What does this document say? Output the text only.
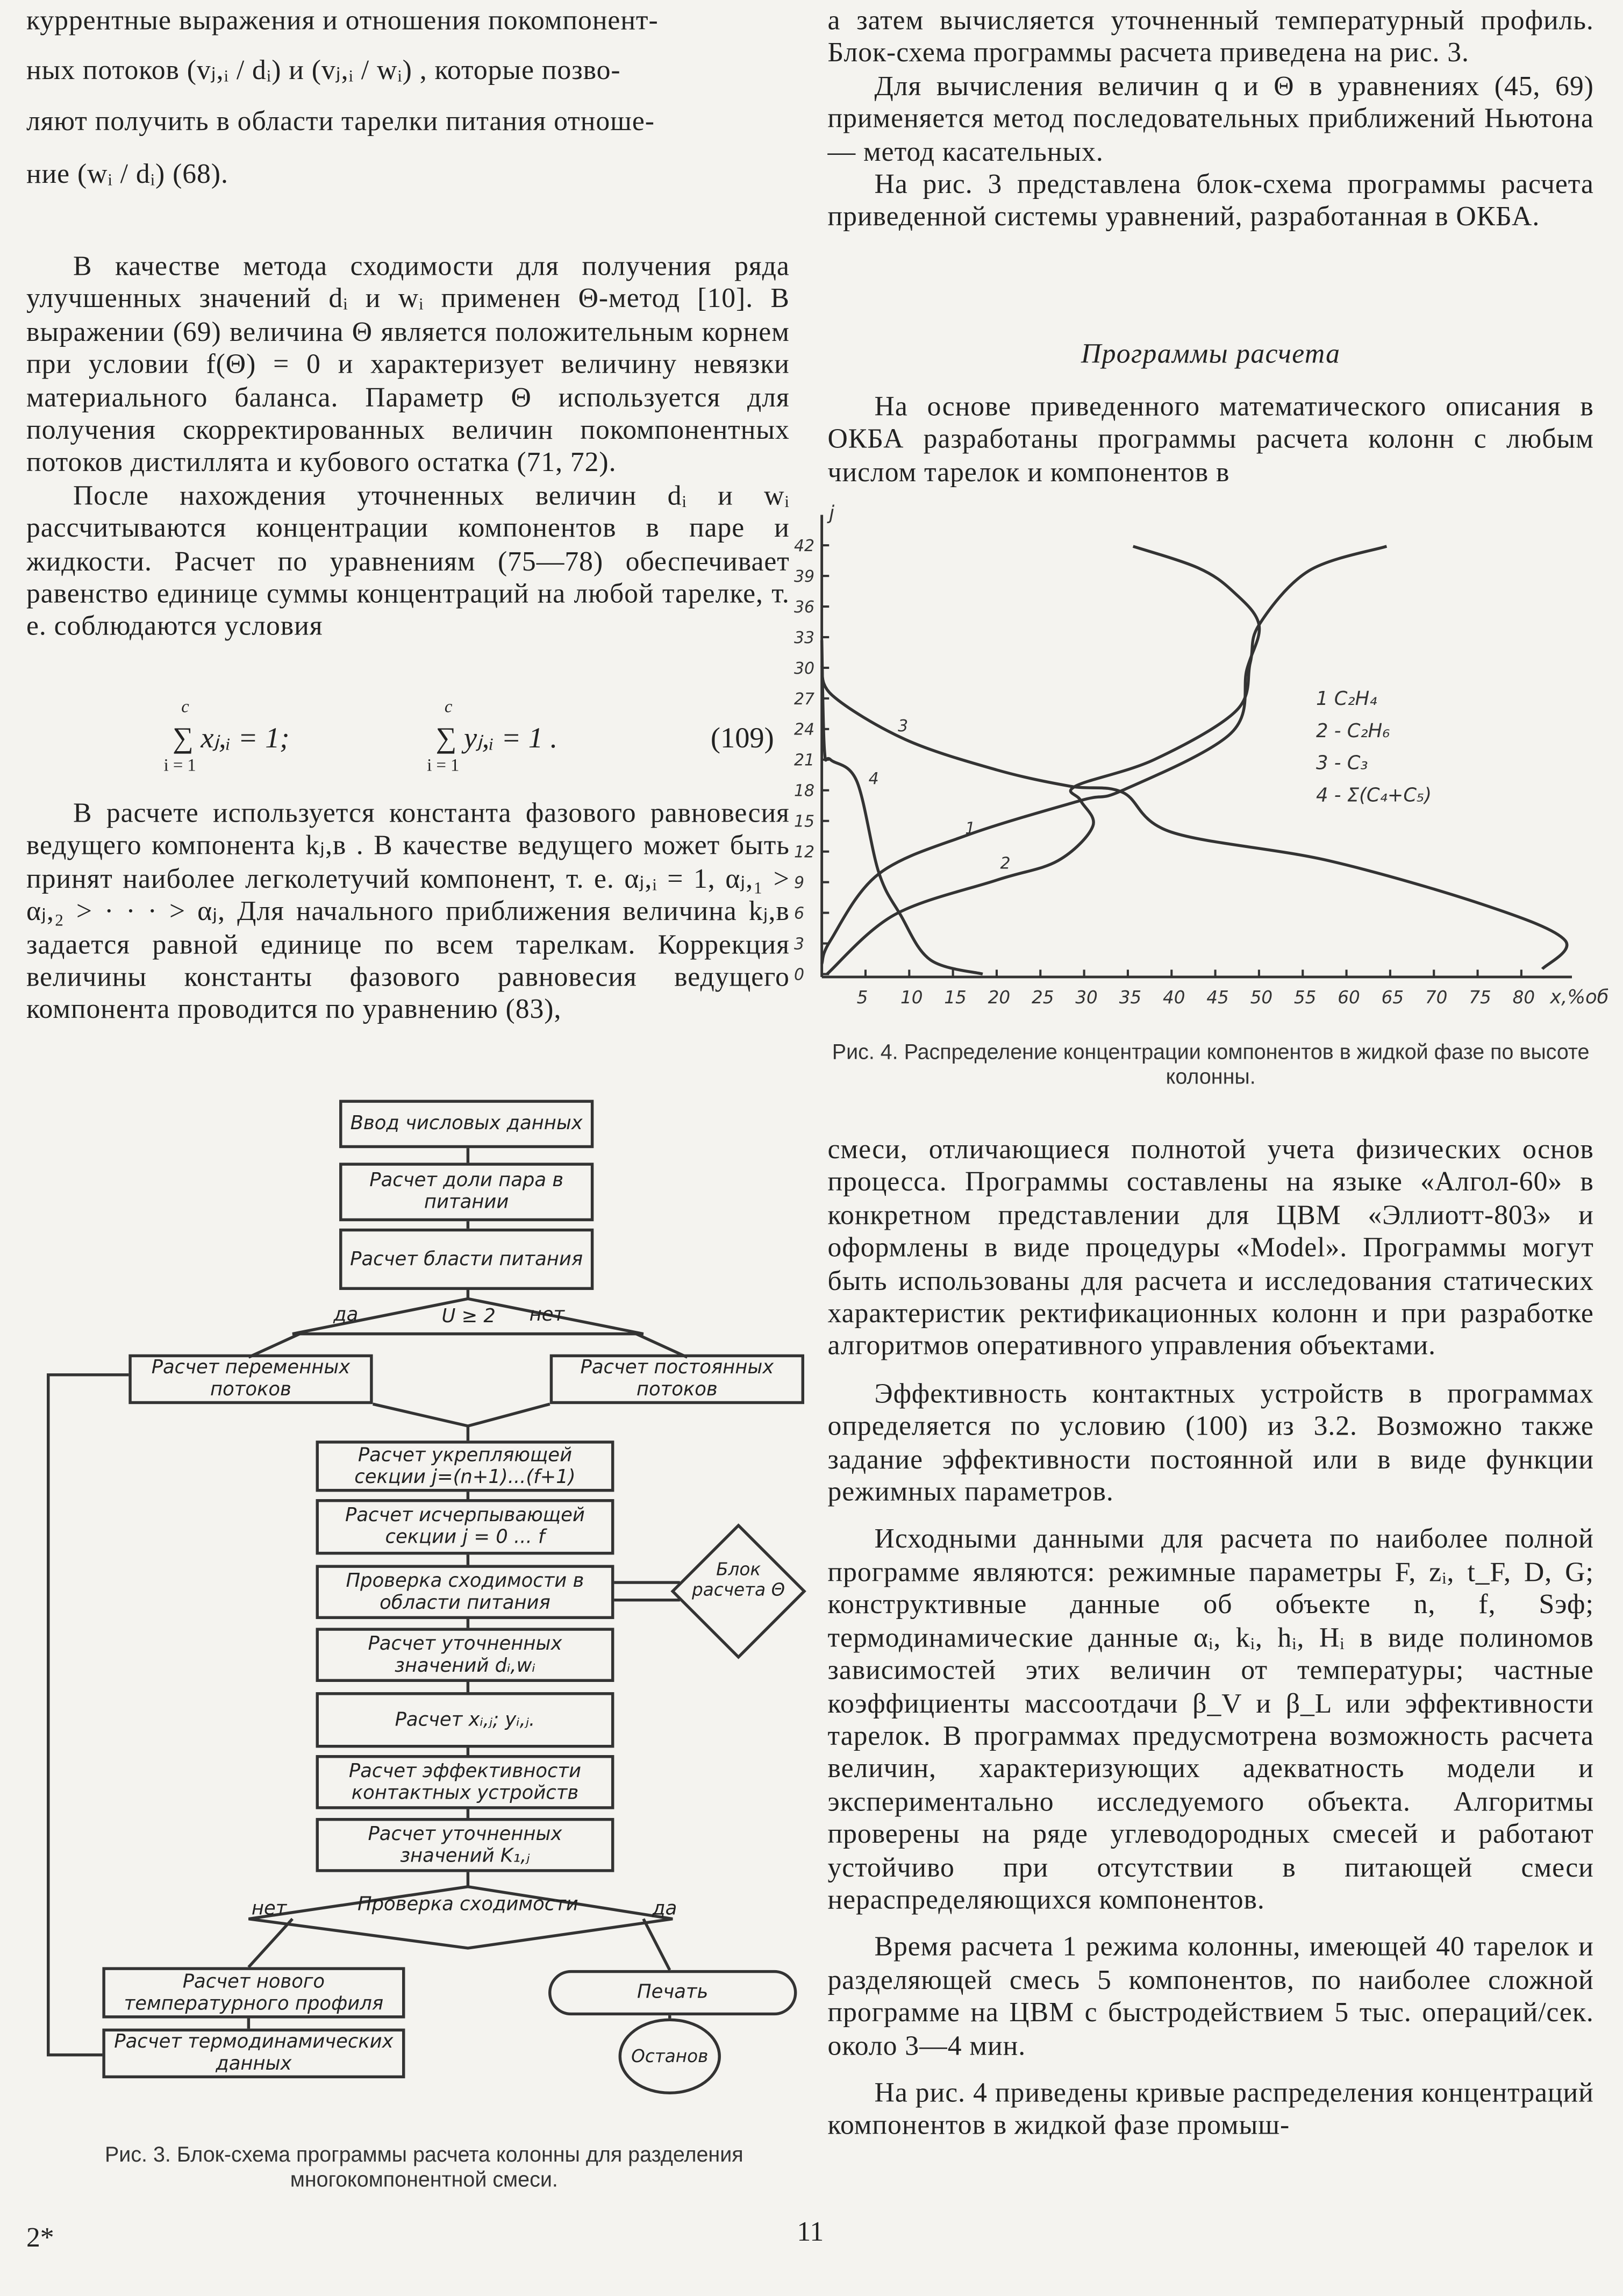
куррентные выражения и отношения покомпонент-

ных потоков (vⱼ,ᵢ / dᵢ) и (vⱼ,ᵢ / wᵢ) , которые позво-

ляют получить в области тарелки питания отноше-

ние (wᵢ / dᵢ) (68).

В качестве метода сходимости для получения ряда улучшенных значений dᵢ и wᵢ применен Θ-метод [10]. В выражении (69) величина Θ является положительным корнем при условии f(Θ) = 0 и характеризует величину невязки материального баланса. Параметр Θ используется для получения скорректированных величин покомпонентных потоков дистиллята и кубового остатка (71, 72).

После нахождения уточненных величин dᵢ и wᵢ рассчитываются концентрации компонентов в паре и жидкости. Расчет по уравнениям (75—78) обеспечивает равенство единице суммы концентраций на любой тарелке, т. е. соблюдаются условия

c
i = 1
∑ xⱼ,ᵢ = 1;
c
i = 1
∑ yⱼ,ᵢ = 1 .	(109)

В расчете используется константа фазового равновесия ведущего компонента kⱼ,в . В качестве ведущего может быть принят наиболее легколетучий компонент, т. е. αⱼ,ᵢ = 1, αⱼ,₁ > αⱼ,₂ > · · · > αⱼ, Для начального приближения величина kⱼ,в задается равной единице по всем тарелкам. Коррекция величины константы фазового равновесия ведущего компонента проводится по уравнению (83),

Ввод числовых данных
Расчет доли пара в питании
Расчет бласти питания
U ≥ 2
да	нет
Расчет переменных потоков
Расчет постоянных потоков
Расчет укрепляющей секции j=(n+1)...(f+1)
Расчет исчерпывающей секции j = 0 ... f
Проверка сходимости в области питания
Блок расчета Θ
Расчет уточненных значений dᵢ,wᵢ
Расчет xᵢ,ⱼ; yᵢ,ⱼ.
Расчет эффективности контактных устройств
Расчет уточненных значений K₁,ⱼ
Проверка сходимости
нет	да
Расчет нового температурного профиля
Расчет термодинамических данных
Печать
Останов
Рис. 3. Блок-схема программы расчета колонны для разделения многокомпонентной смеси.

а затем вычисляется уточненный температурный профиль. Блок-схема программы расчета приведена на рис. 3.

Для вычисления величин q и Θ в уравнениях (45, 69) применяется метод последовательных приближений Ньютона — метод касательных.

На рис. 3 представлена блок-схема программы расчета приведенной системы уравнений, разработанная в ОКБА.

Программы расчета

На основе приведенного математического описания в ОКБА разработаны программы расчета колонн с любым числом тарелок и компонентов в

5	10	15	20	25	30	35	40	45	50	55	60	65	70	75	80
0
3
6
9
12
15
18
21
24
27
30
33
36
39
42
j
x,%об
1 C₂H₄
2 - C₂H₆
3 - C₃
4 - Σ(C₄+C₅)
1
2
3
4
Рис. 4. Распределение концентрации компонентов в жидкой фазе по высоте колонны.

смеси, отличающиеся полнотой учета физических основ процесса. Программы составлены на языке «Алгол-60» в конкретном представлении для ЦВМ «Эллиотт-803» и оформлены в виде процедуры «Model». Программы могут быть использованы для расчета и исследования статических характеристик ректификационных колонн и при разработке алгоритмов оперативного управления объектами.

Эффективность контактных устройств в программах определяется по условию (100) из 3.2. Возможно также задание эффективности постоянной или в виде функции режимных параметров.

Исходными данными для расчета по наиболее полной программе являются: режимные параметры F, zᵢ, t_F, D, G; конструктивные данные об объекте n, f, Sэф; термодинамические данные αᵢ, kᵢ, hᵢ, Hᵢ в виде полиномов зависимостей этих величин от температуры; частные коэффициенты массоотдачи β_V и β_L или эффективности тарелок. В программах предусмотрена возможность расчета величин, характеризующих адекватность модели и экспериментально исследуемого объекта. Алгоритмы проверены на ряде углеводородных смесей и работают устойчиво при отсутствии в питающей смеси нераспределяющихся компонентов.

Время расчета 1 режима колонны, имеющей 40 тарелок и разделяющей смесь 5 компонентов, по наиболее сложной программе на ЦВМ с быстродействием 5 тыс. операций/сек. около 3—4 мин.

На рис. 4 приведены кривые распределения концентраций компонентов в жидкой фазе промыш-

2*	11
